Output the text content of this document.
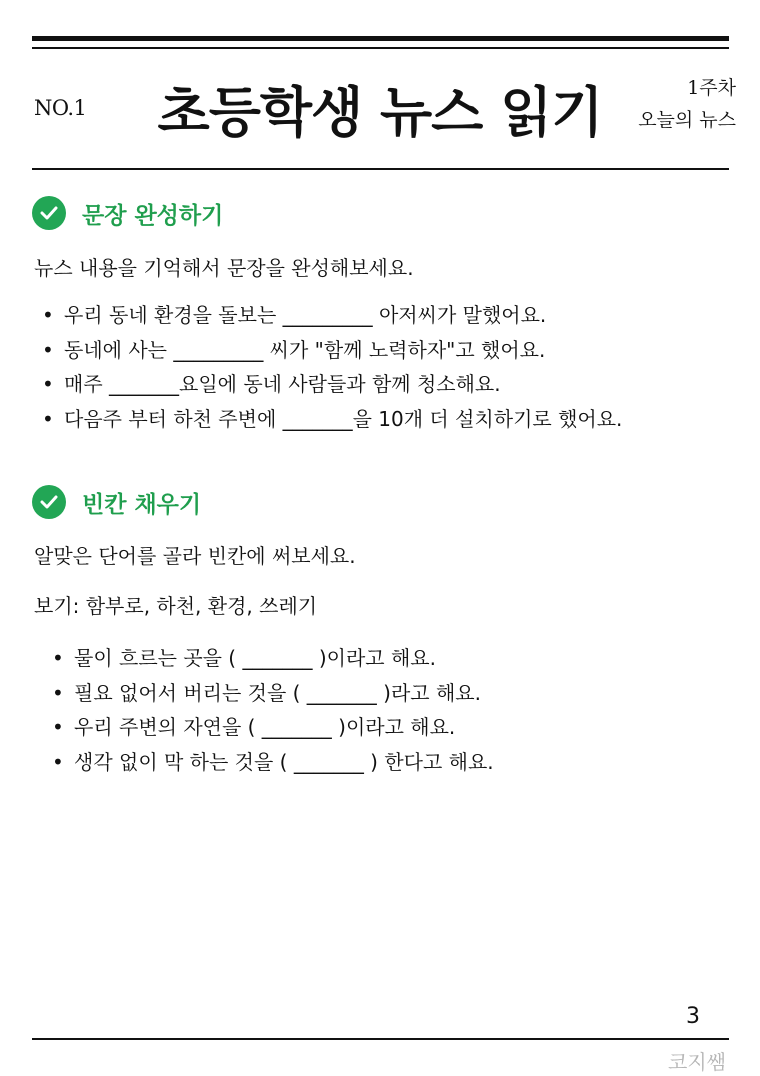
NO.1	초등학생 뉴스 읽기	1주차
오늘의 뉴스
문장 완성하기
뉴스 내용을 기억해서 문장을 완성해보세요.
• 우리 동네 환경을 돌보는 _________ 아저씨가 말했어요.
• 동네에 사는 _________ 씨가 "함께 노력하자"고 했어요.
• 매주 _______요일에 동네 사람들과 함께 청소해요.
• 다음주 부터 하천 주변에 _______을 10개 더 설치하기로 했어요.
빈칸 채우기
알맞은 단어를 골라 빈칸에 써보세요.
보기: 함부로, 하천, 환경, 쓰레기
• 물이 흐르는 곳을 ( _______ )이라고 해요.
• 필요 없어서 버리는 것을 ( _______ )라고 해요.
• 우리 주변의 자연을 ( _______ )이라고 해요.
• 생각 없이 막 하는 것을 ( _______ ) 한다고 해요.
3
코지쌤
